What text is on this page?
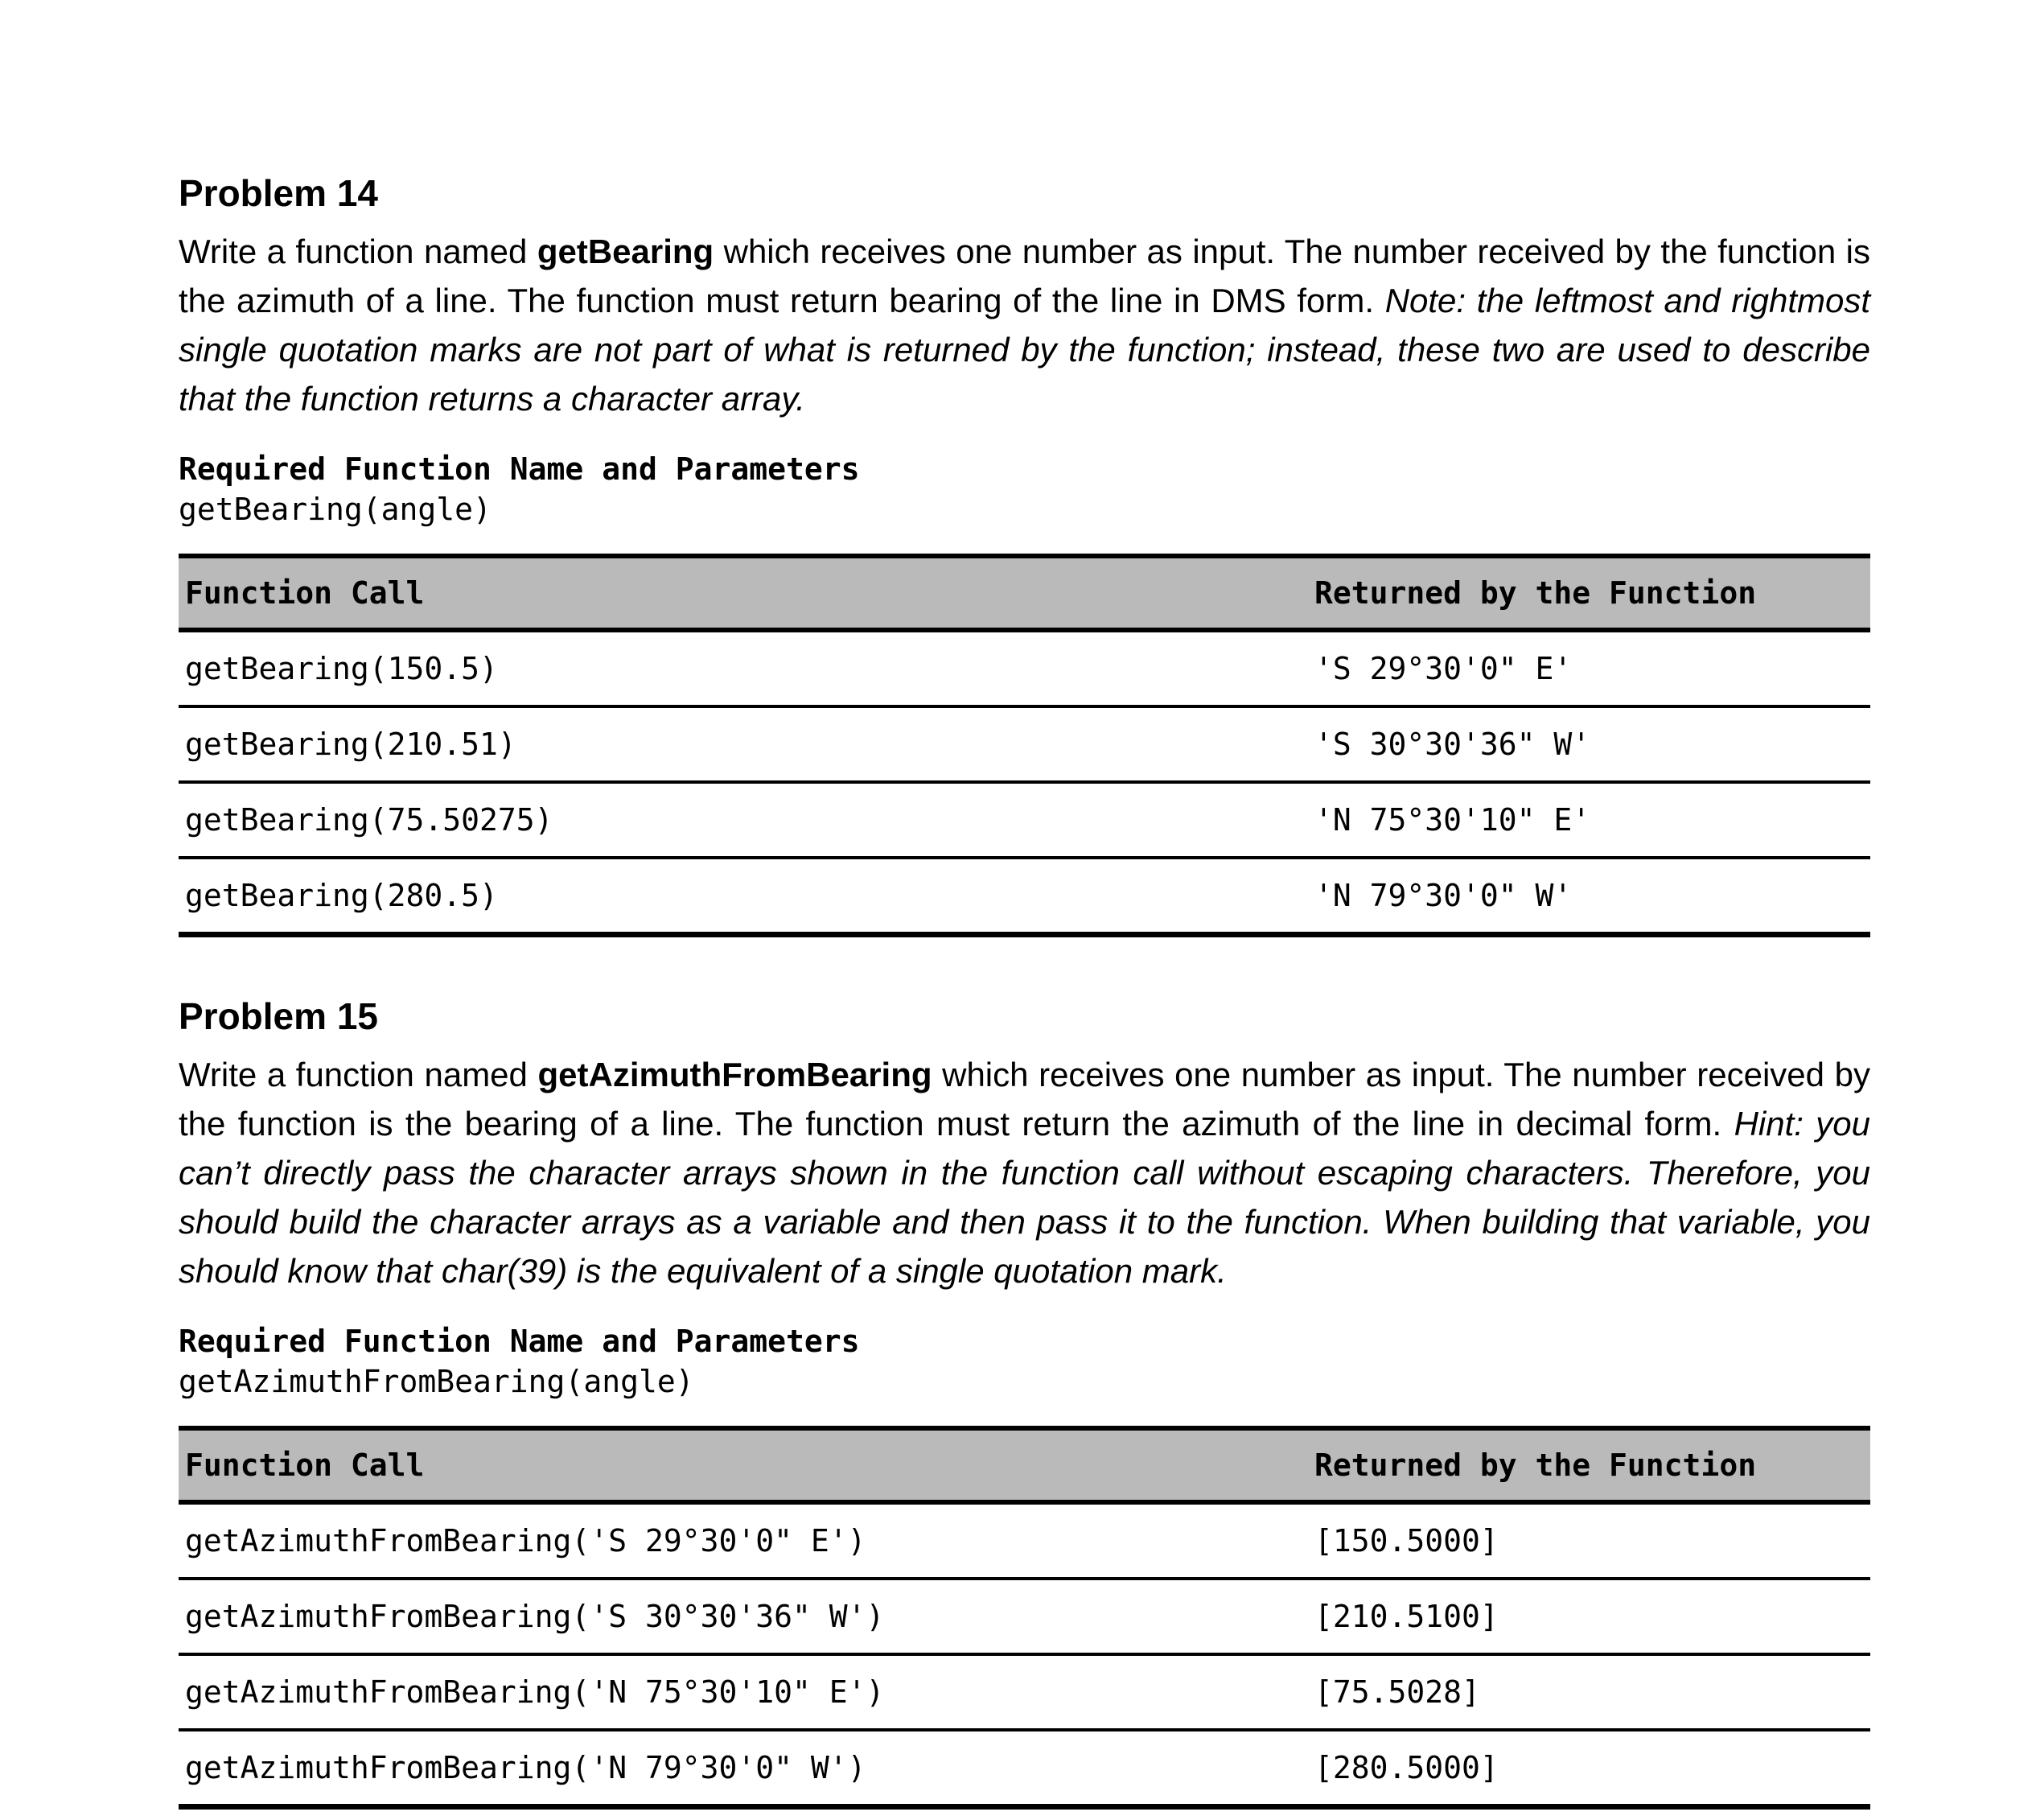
Problem 14

Write a function named getBearing which receives one number as input. The number received by the function is the azimuth of a line. The function must return bearing of the line in DMS form. Note: the leftmost and rightmost single quotation marks are not part of what is returned by the function; instead, these two are used to describe that the function returns a character array.

Required Function Name and Parameters

getBearing(angle)

Function Call	Returned by the Function
getBearing(150.5)	'S 29°30'0" E'
getBearing(210.51)	'S 30°30'36" W'
getBearing(75.50275)	'N 75°30'10" E'
getBearing(280.5)	'N 79°30'0" W'
Problem 15

Write a function named getAzimuthFromBearing which receives one number as input. The number received by the function is the bearing of a line. The function must return the azimuth of the line in decimal form. Hint: you can’t directly pass the character arrays shown in the function call without escaping characters. Therefore, you should build the character arrays as a variable and then pass it to the function. When building that variable, you should know that char(39) is the equivalent of a single quotation mark.

Required Function Name and Parameters

getAzimuthFromBearing(angle)

Function Call	Returned by the Function
getAzimuthFromBearing('S 29°30'0" E')	[150.5000]
getAzimuthFromBearing('S 30°30'36" W')	[210.5100]
getAzimuthFromBearing('N 75°30'10" E')	[75.5028]
getAzimuthFromBearing('N 79°30'0" W')	[280.5000]
